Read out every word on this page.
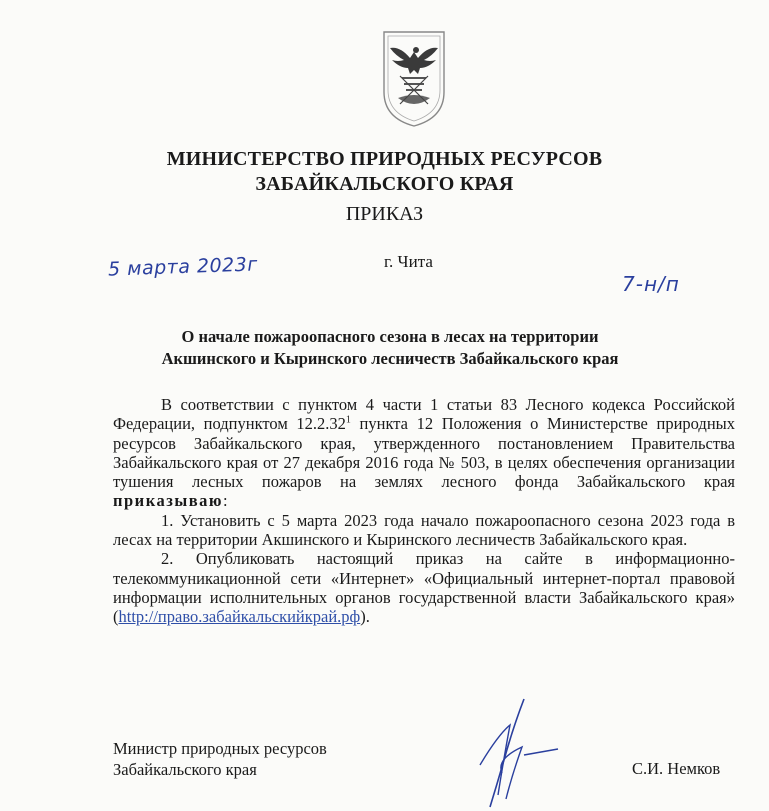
МИНИСТЕРСТВО ПРИРОДНЫХ РЕСУРСОВ
ЗАБАЙКАЛЬСКОГО КРАЯ
ПРИКАЗ
5 марта 2023г	г. Чита
7-н/п
О начале пожароопасного сезона в лесах на территории
Акшинского и Кыринского лесничеств Забайкальского края

В соответствии с пунктом 4 части 1 статьи 83 Лесного кодекса Российской Федерации, подпунктом 12.2.32$^1$ пункта 12 Положения о Министерстве природных ресурсов Забайкальского края, утвержденного постановлением Правительства Забайкальского края от 27 декабря 2016 года № 503, в целях обеспечения организации тушения лесных пожаров на землях лесного фонда Забайкальского края приказываю:

1. Установить с 5 марта 2023 года начало пожароопасного сезона 2023 года в лесах на территории Акшинского и Кыринского лесничеств Забайкальского края.

2. Опубликовать настоящий приказ на сайте в информационно-телекоммуникационной сети «Интернет» «Официальный интернет-портал правовой информации исполнительных органов государственной власти Забайкальского края» (http://право.забайкальскийкрай.рф).

Министр природных ресурсов
Забайкальского края	С.И. Немков
